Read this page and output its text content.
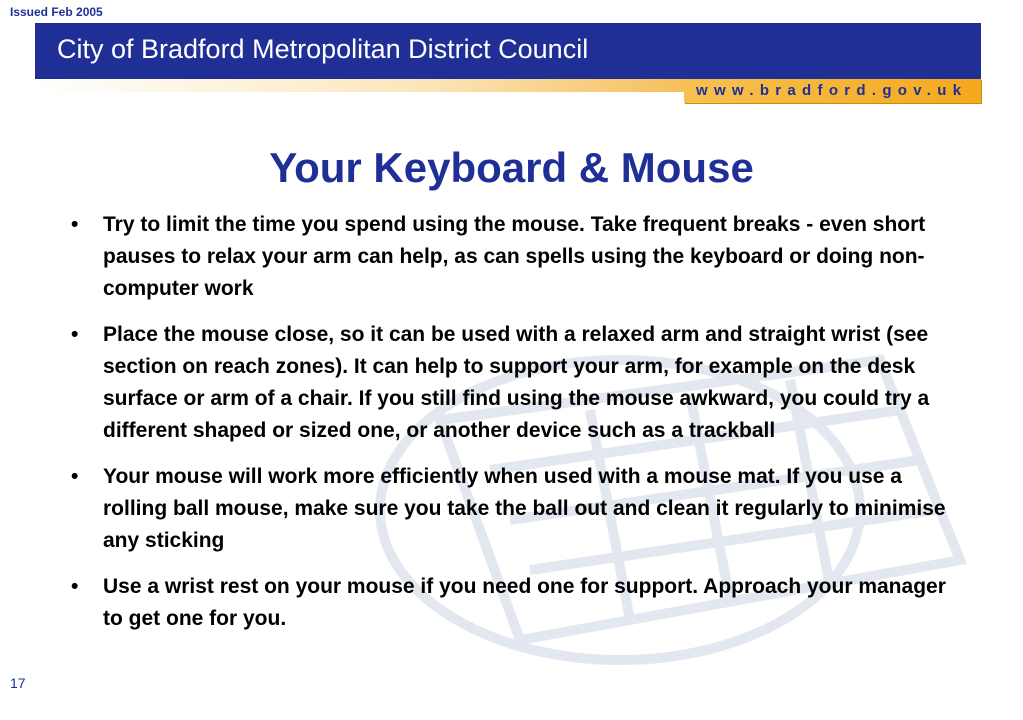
Issued Feb 2005
City of Bradford Metropolitan District Council
www.bradford.gov.uk
Your Keyboard & Mouse
• Try to limit the time you spend using the mouse. Take frequent breaks - even short pauses to relax your arm can help, as can spells using the keyboard or doing non-computer work
• Place the mouse close, so it can be used with a relaxed arm and straight wrist (see section on reach zones). It can help to support your arm, for example on the desk surface or arm of a chair. If you still find using the mouse awkward, you could try a different shaped or sized one, or another device such as a trackball
• Your mouse will work more efficiently when used with a mouse mat. If you use a rolling ball mouse, make sure you take the ball out and clean it regularly to minimise any sticking
• Use a wrist rest on your mouse if you need one for support. Approach your manager to get one for you.
17
